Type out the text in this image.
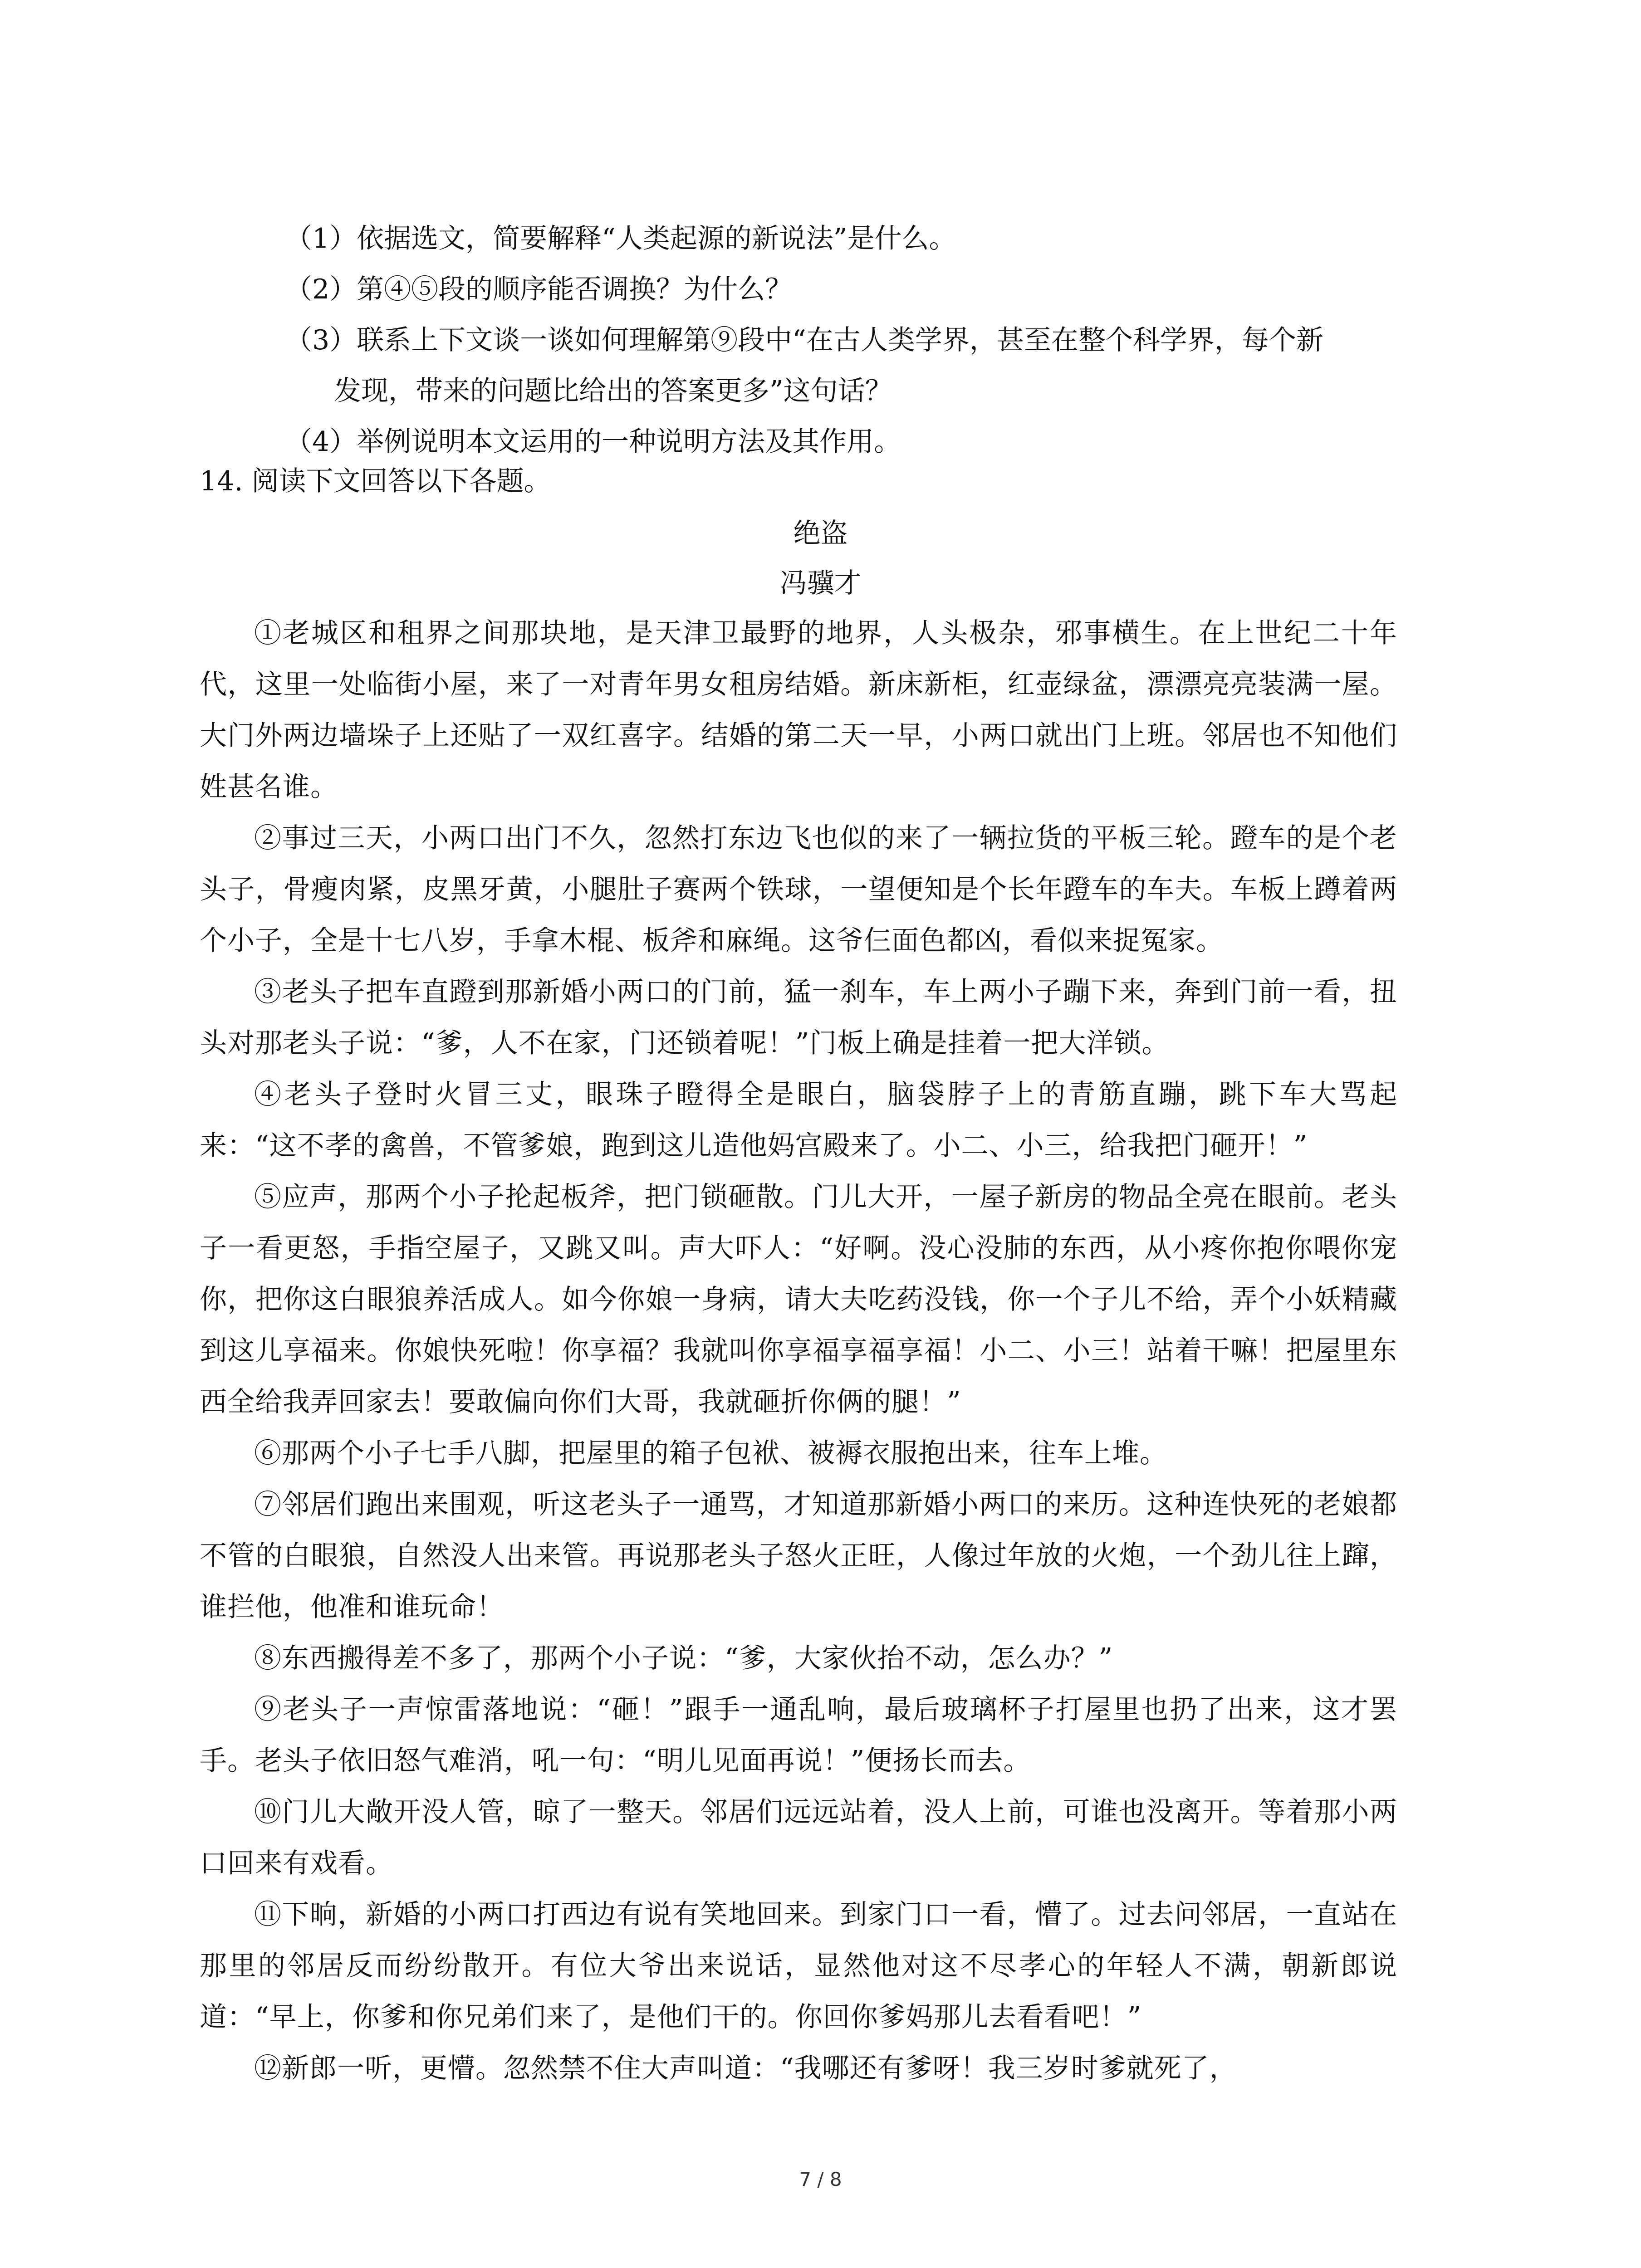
（1）依据选文，简要解释“人类起源的新说法”是什么。

（2）第④⑤段的顺序能否调换？为什么？

（3）联系上下文谈一谈如何理解第⑨段中“在古人类学界，甚至在整个科学界，每个新
发现，带来的问题比给出的答案更多”这句话？

（4）举例说明本文运用的一种说明方法及其作用。

14. 阅读下文回答以下各题。

绝盗

冯骥才

①老城区和租界之间那块地，是天津卫最野的地界，人头极杂，邪事横生。在上世纪二十年代，这里一处临街小屋，来了一对青年男女租房结婚。新床新柜，红壶绿盆，漂漂亮亮装满一屋。大门外两边墙垛子上还贴了一双红喜字。结婚的第二天一早，小两口就出门上班。邻居也不知他们姓甚名谁。

②事过三天，小两口出门不久，忽然打东边飞也似的来了一辆拉货的平板三轮。蹬车的是个老头子，骨瘦肉紧，皮黑牙黄，小腿肚子赛两个铁球，一望便知是个长年蹬车的车夫。车板上蹲着两个小子，全是十七八岁，手拿木棍、板斧和麻绳。这爷仨面色都凶，看似来捉冤家。

③老头子把车直蹬到那新婚小两口的门前，猛一刹车，车上两小子蹦下来，奔到门前一看，扭头对那老头子说：“爹，人不在家，门还锁着呢！”门板上确是挂着一把大洋锁。

④老头子登时火冒三丈，眼珠子瞪得全是眼白，脑袋脖子上的青筋直蹦，跳下车大骂起来：“这不孝的禽兽，不管爹娘，跑到这儿造他妈宫殿来了。小二、小三，给我把门砸开！”

⑤应声，那两个小子抡起板斧，把门锁砸散。门儿大开，一屋子新房的物品全亮在眼前。老头子一看更怒，手指空屋子，又跳又叫。声大吓人：“好啊。没心没肺的东西，从小疼你抱你喂你宠你，把你这白眼狼养活成人。如今你娘一身病，请大夫吃药没钱，你一个子儿不给，弄个小妖精藏到这儿享福来。你娘快死啦！你享福？我就叫你享福享福享福！小二、小三！站着干嘛！把屋里东西全给我弄回家去！要敢偏向你们大哥，我就砸折你俩的腿！”

⑥那两个小子七手八脚，把屋里的箱子包袱、被褥衣服抱出来，往车上堆。

⑦邻居们跑出来围观，听这老头子一通骂，才知道那新婚小两口的来历。这种连快死的老娘都不管的白眼狼，自然没人出来管。再说那老头子怒火正旺，人像过年放的火炮，一个劲儿往上蹿，谁拦他，他准和谁玩命！

⑧东西搬得差不多了，那两个小子说：“爹，大家伙抬不动，怎么办？”

⑨老头子一声惊雷落地说：“砸！”跟手一通乱响，最后玻璃杯子打屋里也扔了出来，这才罢手。老头子依旧怒气难消，吼一句：“明儿见面再说！”便扬长而去。

⑩门儿大敞开没人管，晾了一整天。邻居们远远站着，没人上前，可谁也没离开。等着那小两口回来有戏看。

⑪下晌，新婚的小两口打西边有说有笑地回来。到家门口一看，懵了。过去问邻居，一直站在那里的邻居反而纷纷散开。有位大爷出来说话，显然他对这不尽孝心的年轻人不满，朝新郎说道：“早上，你爹和你兄弟们来了，是他们干的。你回你爹妈那儿去看看吧！”

⑫新郎一听，更懵。忽然禁不住大声叫道：“我哪还有爹呀！我三岁时爹就死了，

7 / 8
